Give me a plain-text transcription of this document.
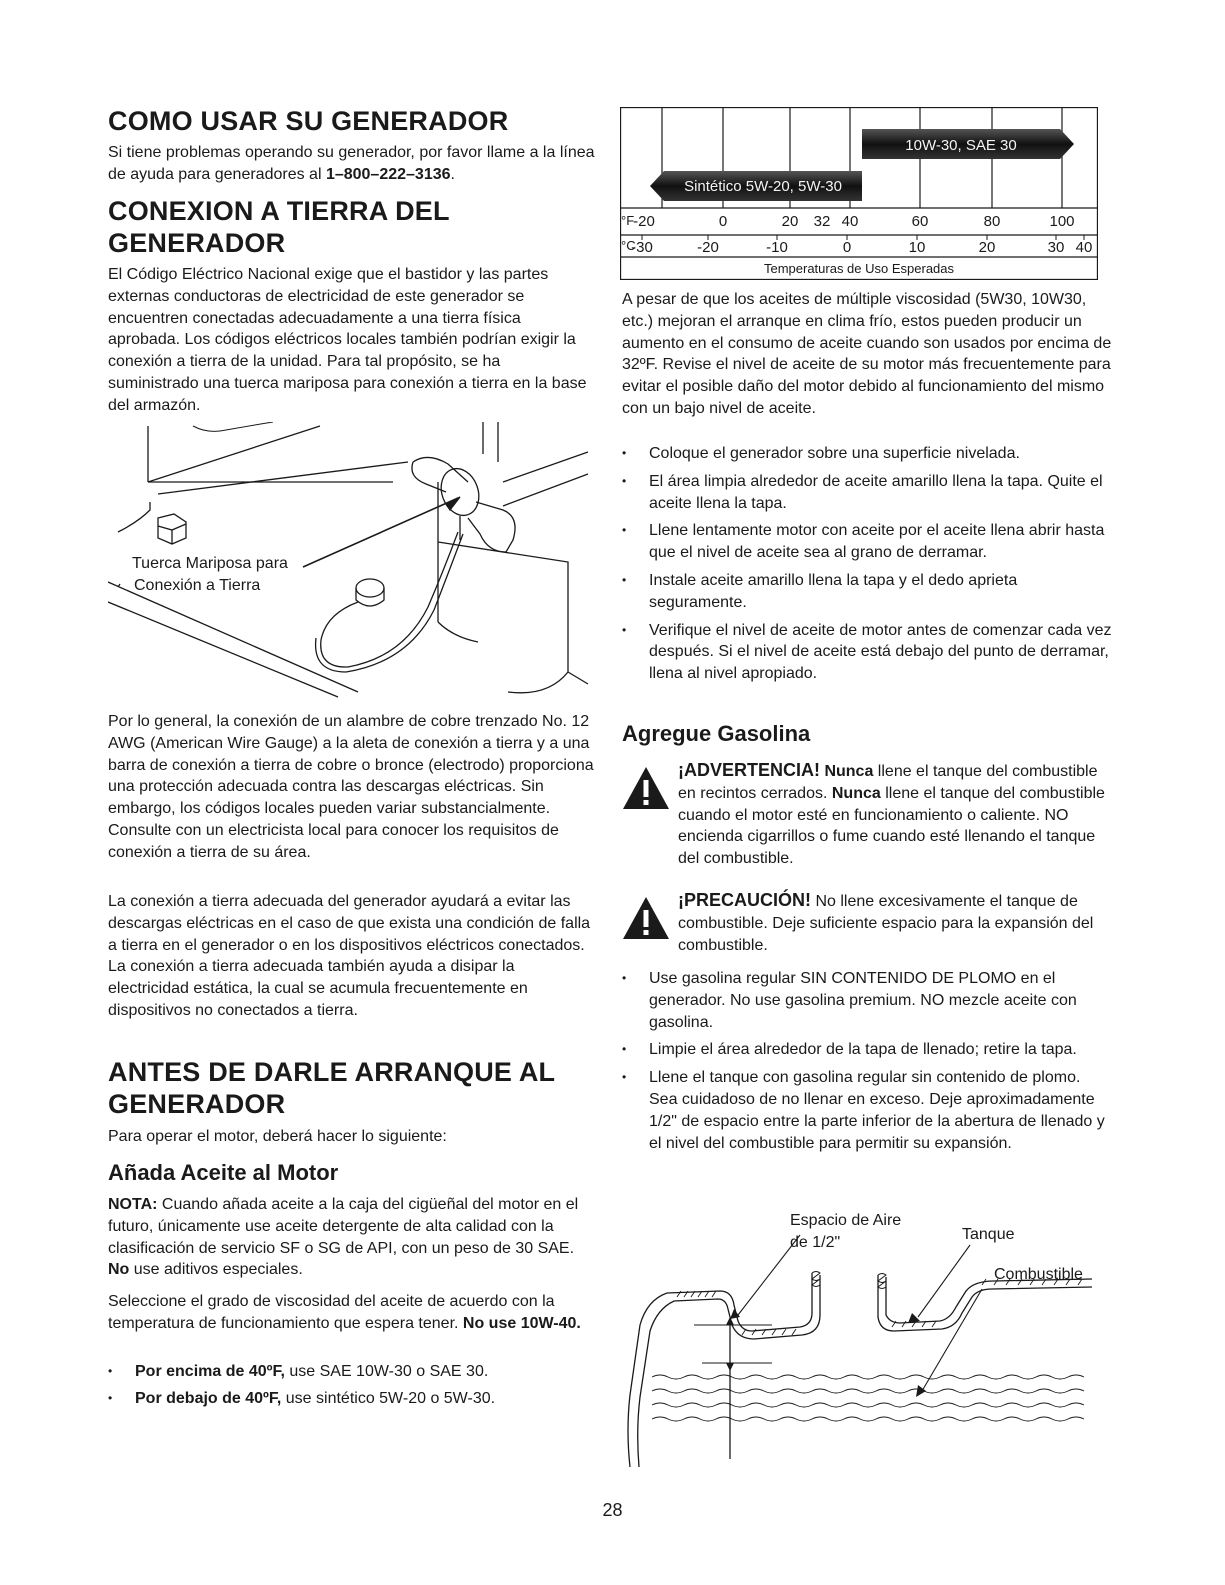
COMO USAR SU GENERADOR

Si tiene problemas operando su generador, por favor llame a la línea de ayuda para generadores al 1–800–222–3136.

CONEXION A TIERRA DEL
GENERADOR

El Código Eléctrico Nacional exige que el bastidor y las partes externas conductoras de electricidad de este generador se encuentren conectadas adecuadamente a una tierra física aprobada. Los códigos eléctricos locales también podrían exigir la conexión a tierra de la unidad. Para tal propósito, se ha suministrado una tuerca mariposa para conexión a tierra en la base del armazón.

Tuerca Mariposa para
Conexión a Tierra

Por lo general, la conexión de un alambre de cobre trenzado No. 12 AWG (American Wire Gauge) a la aleta de conexión a tierra y a una barra de conexión a tierra de cobre o bronce (electrodo) proporciona una protección adecuada contra las descargas eléctricas. Sin embargo, los códigos locales pueden variar substancialmente. Consulte con un electricista local para conocer los requisitos de conexión a tierra de su área.

La conexión a tierra adecuada del generador ayudará a evitar las descargas eléctricas en el caso de que exista una condición de falla a tierra en el generador o en los dispositivos eléctricos conectados. La conexión a tierra adecuada también ayuda a disipar la electricidad estática, la cual se acumula frecuentemente en dispositivos no conectados a tierra.

ANTES DE DARLE ARRANQUE AL
GENERADOR

Para operar el motor, deberá hacer lo siguiente:

Añada Aceite al Motor

NOTA: Cuando añada aceite a la caja del cigüeñal del motor en el futuro, únicamente use aceite detergente de alta calidad con la clasificación de servicio SF o SG de API, con un peso de 30 SAE. No use aditivos especiales.

Seleccione el grado de viscosidad del aceite de acuerdo con la temperatura de funcionamiento que espera tener. No use 10W-40.

• Por encima de 40ºF, use SAE 10W-30 o SAE 30.
• Por debajo de 40ºF, use sintético 5W-20 o 5W-30.
10W-30, SAE 30
Sintético 5W-20, 5W-30
°F
°C
-20	0	20 32 40	60	80	100
-30	-20	-10	0	10	20	30 40
Temperaturas de Uso Esperadas

A pesar de que los aceites de múltiple viscosidad (5W30, 10W30, etc.) mejoran el arranque en clima frío, estos pueden producir un aumento en el consumo de aceite cuando son usados por encima de 32ºF. Revise el nivel de aceite de su motor más frecuentemente para evitar el posible daño del motor debido al funcionamiento del mismo con un bajo nivel de aceite.

• Coloque el generador sobre una superficie nivelada.
• El área limpia alrededor de aceite amarillo llena la tapa. Quite el aceite llena la tapa.
• Llene lentamente motor con aceite por el aceite llena abrir hasta que el nivel de aceite sea al grano de derramar.
• Instale aceite amarillo llena la tapa y el dedo aprieta seguramente.
• Verifique el nivel de aceite de motor antes de comenzar cada vez después. Si el nivel de aceite está debajo del punto de derramar, llena al nivel apropiado.
Agregue Gasolina
¡ADVERTENCIA! Nunca llene el tanque del combustible en recintos cerrados. Nunca llene el tanque del combustible cuando el motor esté en funcionamiento o caliente. NO encienda cigarrillos o fume cuando esté llenando el tanque del combustible.
¡PRECAUCIÓN! No llene excesivamente el tanque de combustible. Deje suficiente espacio para la expansión del combustible.
• Use gasolina regular SIN CONTENIDO DE PLOMO en el generador. No use gasolina premium. NO mezcle aceite con gasolina.
• Limpie el área alrededor de la tapa de llenado; retire la tapa.
• Llene el tanque con gasolina regular sin contenido de plomo. Sea cuidadoso de no llenar en exceso. Deje aproximadamente 1/2" de espacio entre la parte inferior de la abertura de llenado y el nivel del combustible para permitir su expansión.
Espacio de Aire
de 1/2"	Tanque
Combustible
28
